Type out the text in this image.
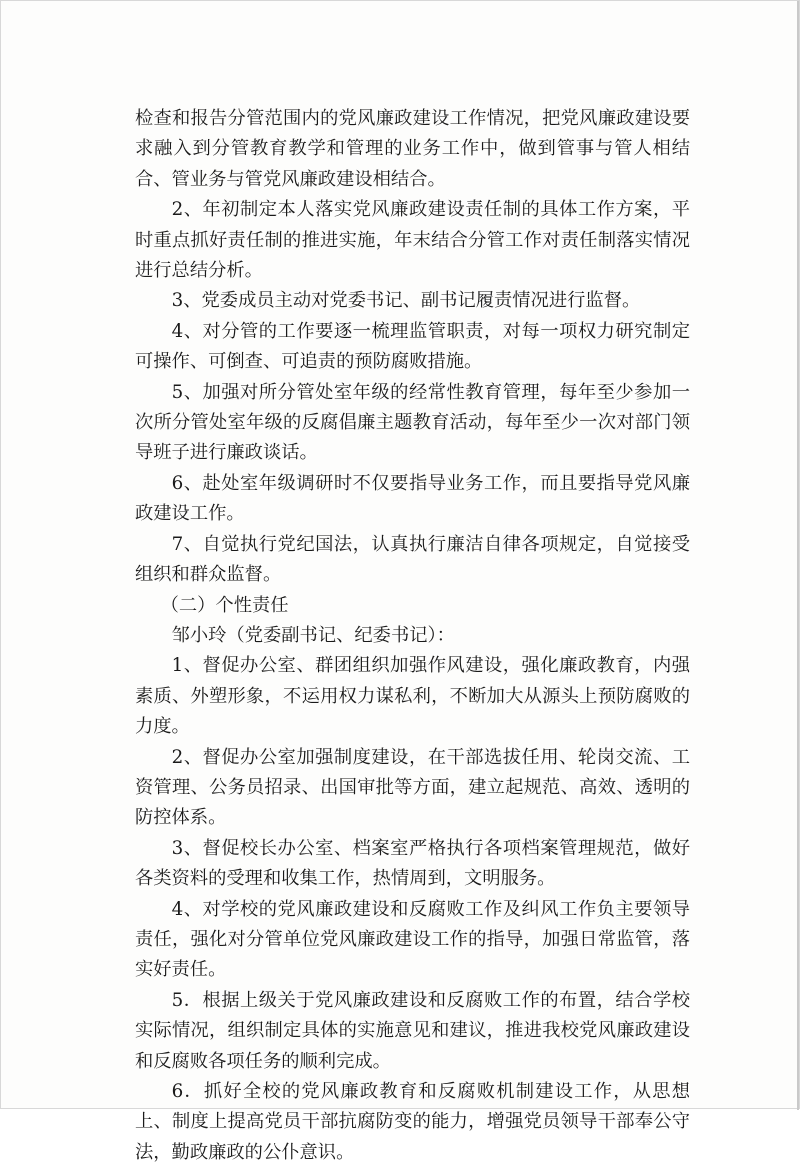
检查和报告分管范围内的党风廉政建设工作情况，把党风廉政建设要求融入到分管教育教学和管理的业务工作中，做到管事与管人相结合、管业务与管党风廉政建设相结合。

2、年初制定本人落实党风廉政建设责任制的具体工作方案，平时重点抓好责任制的推进实施，年末结合分管工作对责任制落实情况进行总结分析。

3、党委成员主动对党委书记、副书记履责情况进行监督。

4、对分管的工作要逐一梳理监管职责，对每一项权力研究制定可操作、可倒查、可追责的预防腐败措施。

5、加强对所分管处室年级的经常性教育管理，每年至少参加一次所分管处室年级的反腐倡廉主题教育活动，每年至少一次对部门领导班子进行廉政谈话。

6、赴处室年级调研时不仅要指导业务工作，而且要指导党风廉政建设工作。

7、自觉执行党纪国法，认真执行廉洁自律各项规定，自觉接受组织和群众监督。

（二）个性责任

邹小玲（党委副书记、纪委书记）：

1、督促办公室、群团组织加强作风建设，强化廉政教育，内强素质、外塑形象，不运用权力谋私利，不断加大从源头上预防腐败的力度。

2、督促办公室加强制度建设，在干部选拔任用、轮岗交流、工资管理、公务员招录、出国审批等方面，建立起规范、高效、透明的防控体系。

3、督促校长办公室、档案室严格执行各项档案管理规范，做好各类资料的受理和收集工作，热情周到，文明服务。

4、对学校的党风廉政建设和反腐败工作及纠风工作负主要领导责任，强化对分管单位党风廉政建设工作的指导，加强日常监管，落实好责任。

5．根据上级关于党风廉政建设和反腐败工作的布置，结合学校实际情况，组织制定具体的实施意见和建议，推进我校党风廉政建设和反腐败各项任务的顺利完成。

6．抓好全校的党风廉政教育和反腐败机制建设工作，从思想上、制度上提高党员干部抗腐防变的能力，增强党员领导干部奉公守法，勤政廉政的公仆意识。
